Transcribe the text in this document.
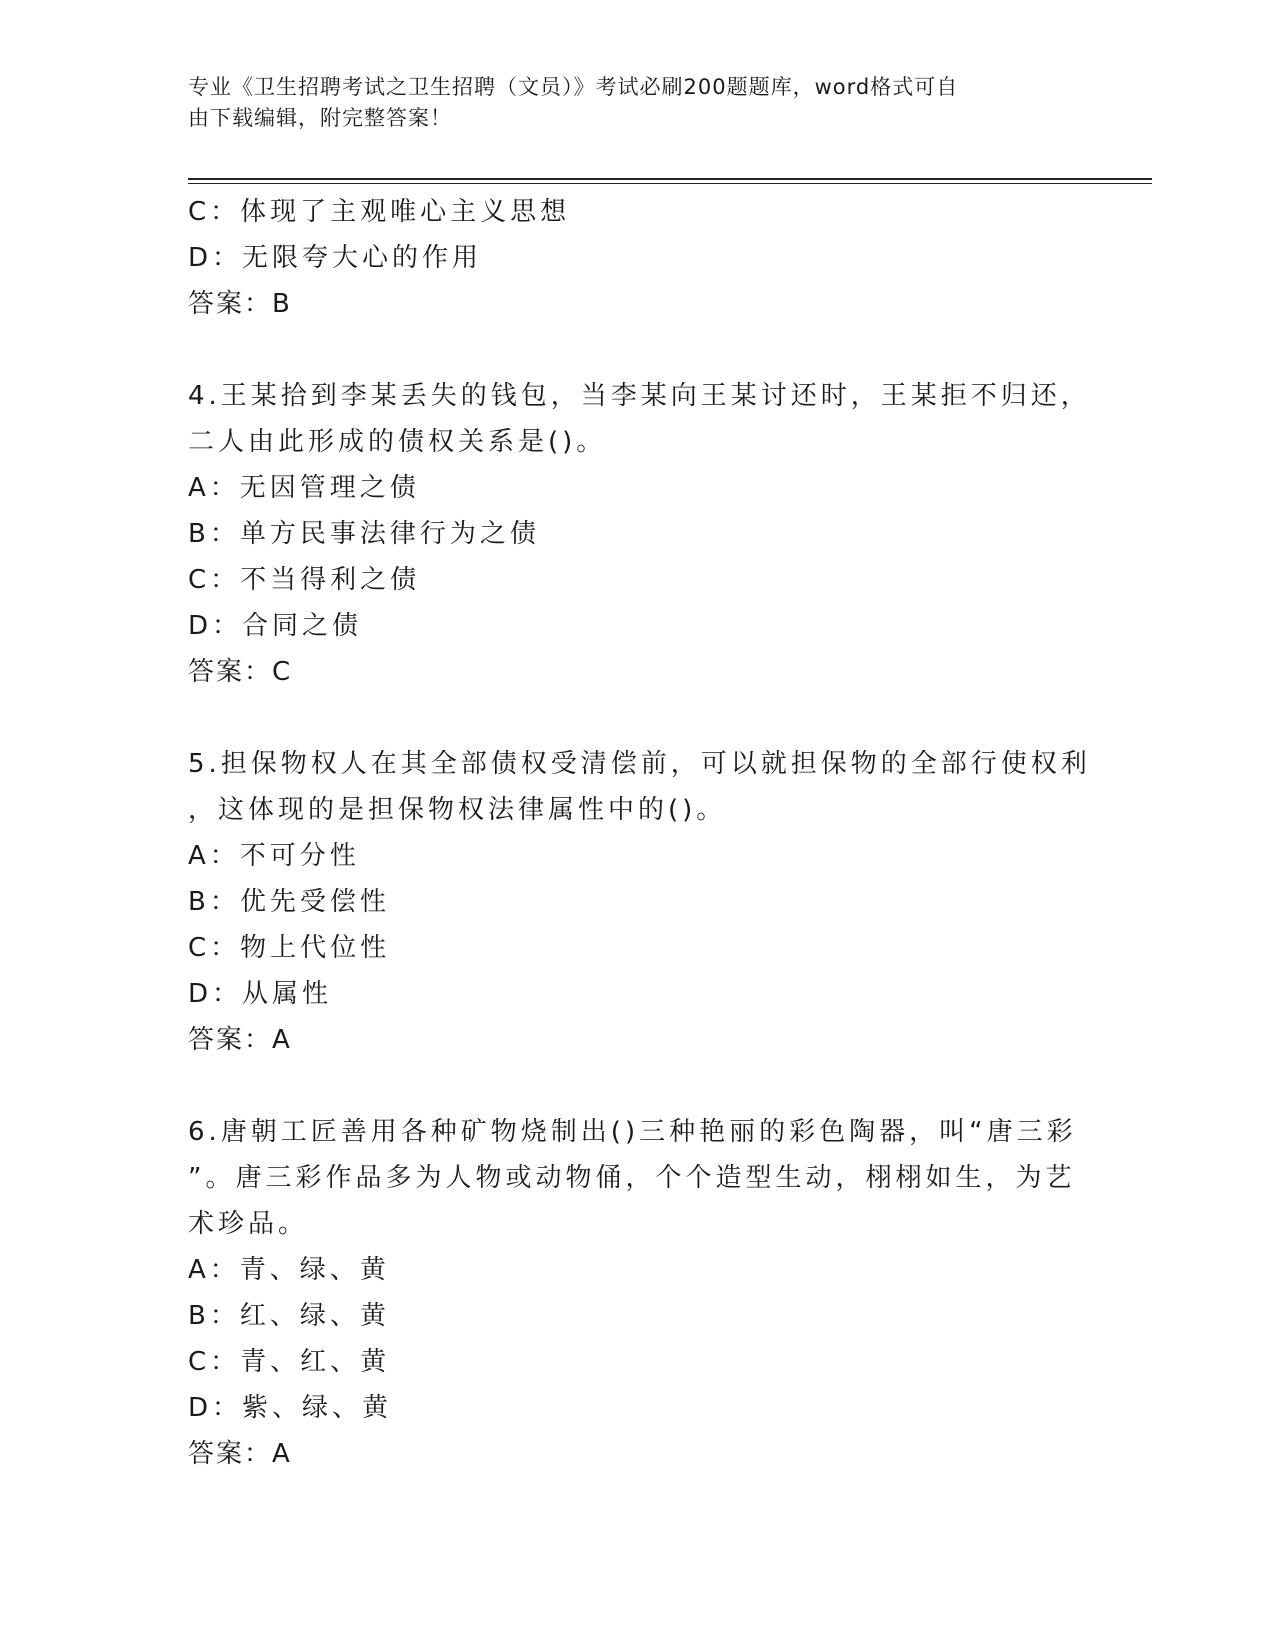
专业《卫生招聘考试之卫生招聘（文员）》考试必刷200题题库，word格式可自
由下载编辑，附完整答案！
C：体现了主观唯心主义思想
D：无限夸大心的作用
答案：B
4.王某拾到李某丢失的钱包，当李某向王某讨还时，王某拒不归还，
二人由此形成的债权关系是()。
A：无因管理之债
B：单方民事法律行为之债
C：不当得利之债
D：合同之债
答案：C
5.担保物权人在其全部债权受清偿前，可以就担保物的全部行使权利
，这体现的是担保物权法律属性中的()。
A：不可分性
B：优先受偿性
C：物上代位性
D：从属性
答案：A
6.唐朝工匠善用各种矿物烧制出()三种艳丽的彩色陶器，叫“唐三彩
”。唐三彩作品多为人物或动物俑，个个造型生动，栩栩如生，为艺
术珍品。
A：青、绿、黄
B：红、绿、黄
C：青、红、黄
D：紫、绿、黄
答案：A
